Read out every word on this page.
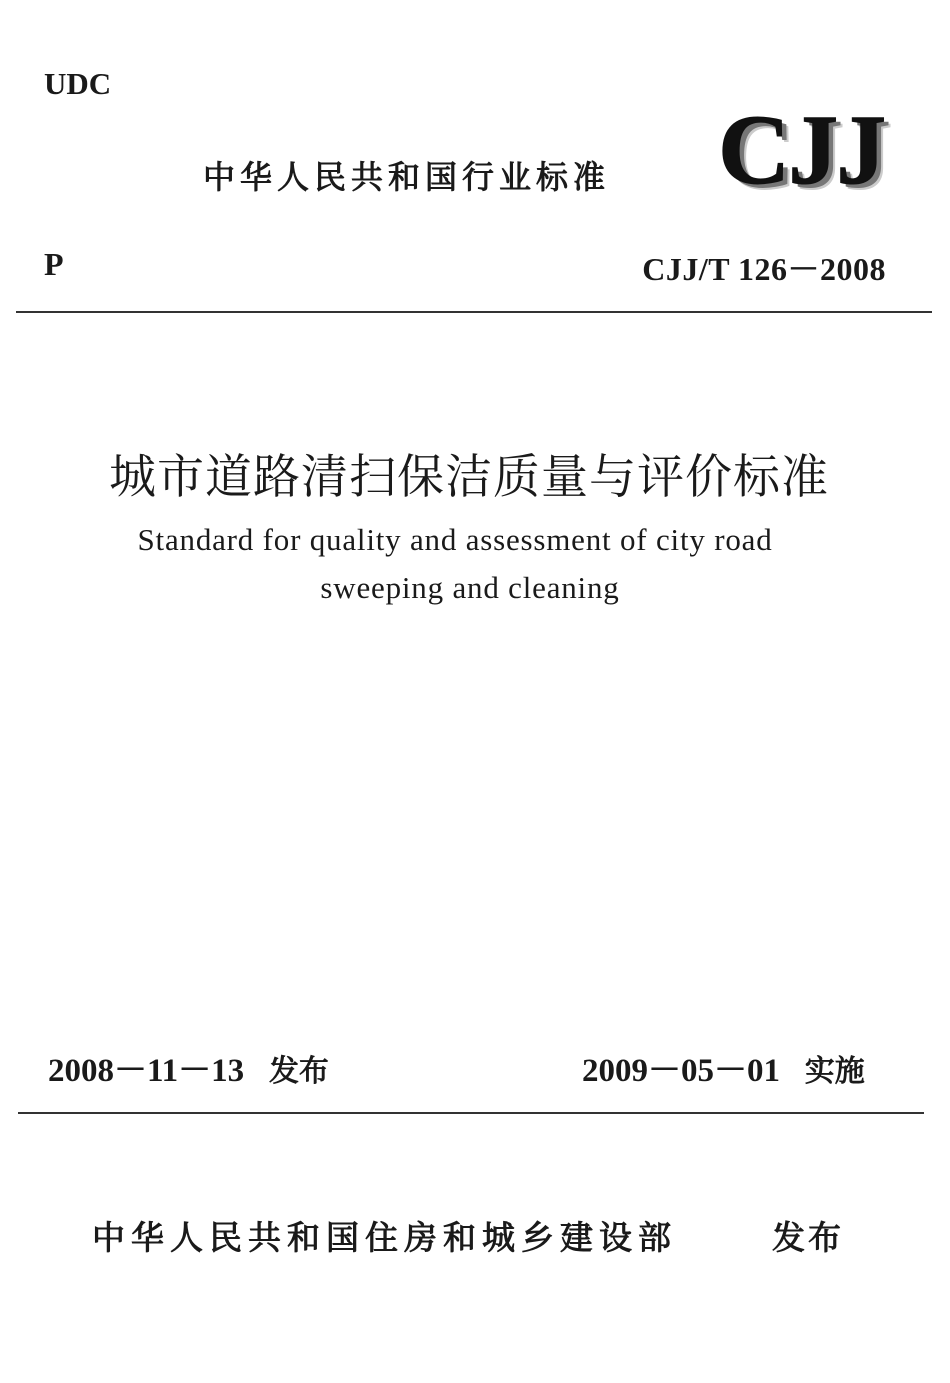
UDC
中华人民共和国行业标准 CJJ
P	CJJ/T 126－2008
城市道路清扫保洁质量与评价标准
Standard for quality and assessment of city road
sweeping and cleaning
2008－11－13 发布	2009－05－01 实施
中华人民共和国住房和城乡建设部	发布
